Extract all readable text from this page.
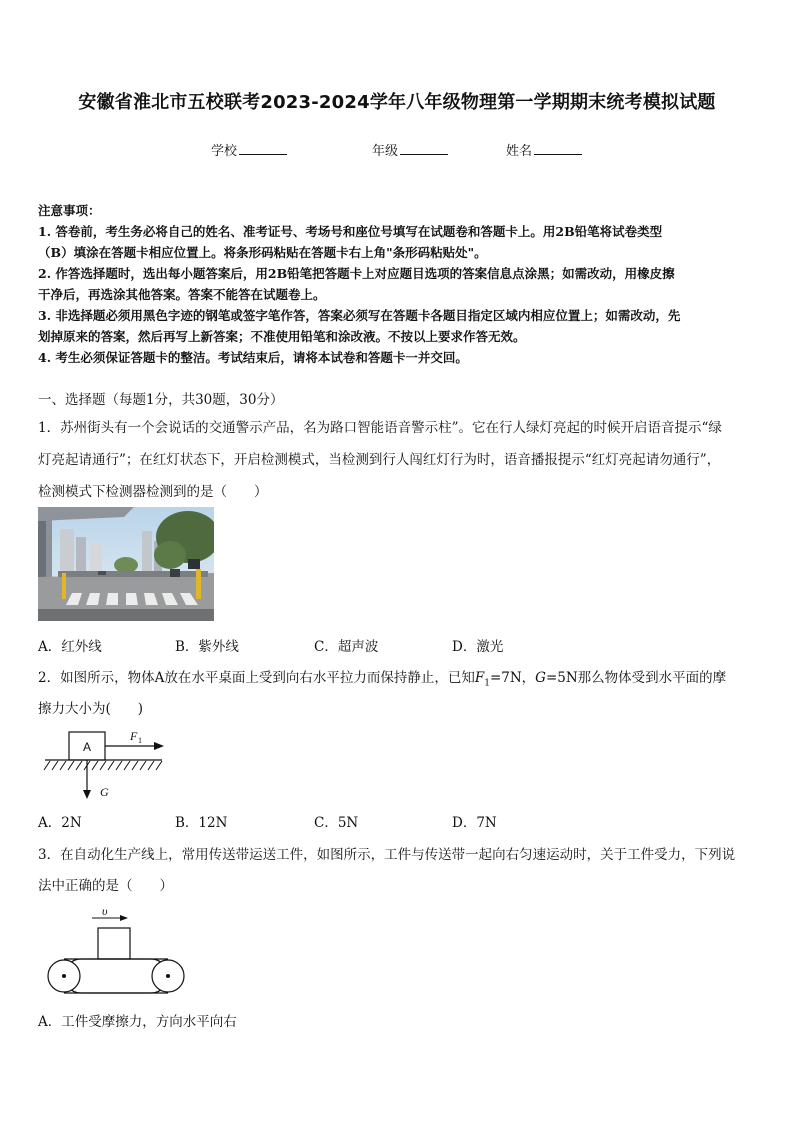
安徽省淮北市五校联考2023-2024学年八年级物理第一学期期末统考模拟试题
学校	年级	姓名
注意事项：
1. 答卷前，考生务必将自己的姓名、准考证号、考场号和座位号填写在试题卷和答题卡上。用2B铅笔将试卷类型
（B）填涂在答题卡相应位置上。将条形码粘贴在答题卡右上角"条形码粘贴处"。
2. 作答选择题时，选出每小题答案后，用2B铅笔把答题卡上对应题目选项的答案信息点涂黑；如需改动，用橡皮擦
干净后，再选涂其他答案。答案不能答在试题卷上。
3. 非选择题必须用黑色字迹的钢笔或签字笔作答，答案必须写在答题卡各题目指定区域内相应位置上；如需改动，先
划掉原来的答案，然后再写上新答案；不准使用铅笔和涂改液。不按以上要求作答无效。
4. 考生必须保证答题卡的整洁。考试结束后，请将本试卷和答题卡一并交回。
一、选择题（每题1分，共30题，30分）
1．苏州街头有一个会说话的交通警示产品，名为路口智能语音警示柱”。它在行人绿灯亮起的时候开启语音提示“绿
灯亮起请通行”；在红灯状态下，开启检测模式，当检测到行人闯红灯行为时，语音播报提示“红灯亮起请勿通行”，
检测模式下检测器检测到的是（　　）
A．红外线	B．紫外线	C．超声波	D．激光
2．如图所示，物体A放在水平桌面上受到向右水平拉力而保持静止，已知$F_1=7N$，G=5N那么物体受到水平面的摩
擦力大小为(　　)
A
F 1
G
A．2N	B．12N	C．5N	D．7N
3．在自动化生产线上，常用传送带运送工件，如图所示，工件与传送带一起向右匀速运动时，关于工件受力，下列说
法中正确的是（　　）
υ
A．工件受摩擦力，方向水平向右
